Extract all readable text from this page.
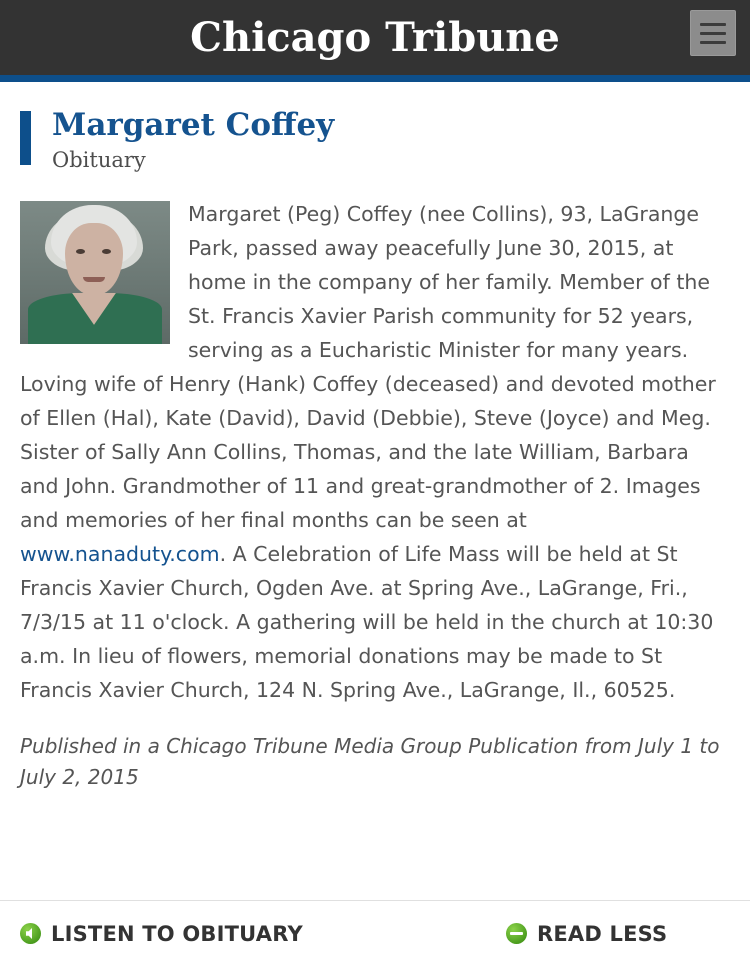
Chicago Tribune
Margaret Coffey
Obituary

Margaret (Peg) Coffey (nee Collins), 93, LaGrange Park, passed away peacefully June 30, 2015, at home in the company of her family. Member of the St. Francis Xavier Parish community for 52 years, serving as a Eucharistic Minister for many years. Loving wife of Henry (Hank) Coffey (deceased) and devoted mother of Ellen (Hal), Kate (David), David (Debbie), Steve (Joyce) and Meg. Sister of Sally Ann Collins, Thomas, and the late William, Barbara and John. Grandmother of 11 and great-grandmother of 2. Images and memories of her final months can be seen at www.nanaduty.com. A Celebration of Life Mass will be held at St Francis Xavier Church, Ogden Ave. at Spring Ave., LaGrange, Fri., 7/3/15 at 11 o'clock. A gathering will be held in the church at 10:30 a.m. In lieu of flowers, memorial donations may be made to St Francis Xavier Church, 124 N. Spring Ave., LaGrange, Il., 60525.

Published in a Chicago Tribune Media Group Publication from July 1 to July 2, 2015

LISTEN TO OBITUARY	READ LESS
